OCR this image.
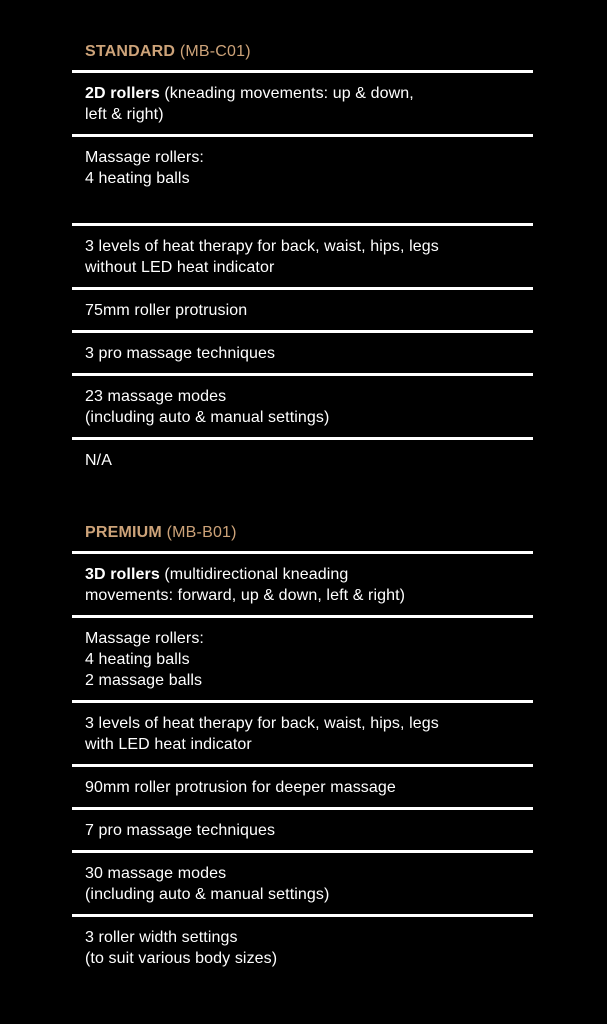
STANDARD (MB-C01)
2D rollers (kneading movements: up & down,
left & right)
Massage rollers:
4 heating balls
3 levels of heat therapy for back, waist, hips, legs
without LED heat indicator
75mm roller protrusion
3 pro massage techniques
23 massage modes
(including auto & manual settings)
N/A
PREMIUM (MB-B01)
3D rollers (multidirectional kneading
movements: forward, up & down, left & right)
Massage rollers:
4 heating balls
2 massage balls
3 levels of heat therapy for back, waist, hips, legs
with LED heat indicator
90mm roller protrusion for deeper massage
7 pro massage techniques
30 massage modes
(including auto & manual settings)
3 roller width settings
(to suit various body sizes)
